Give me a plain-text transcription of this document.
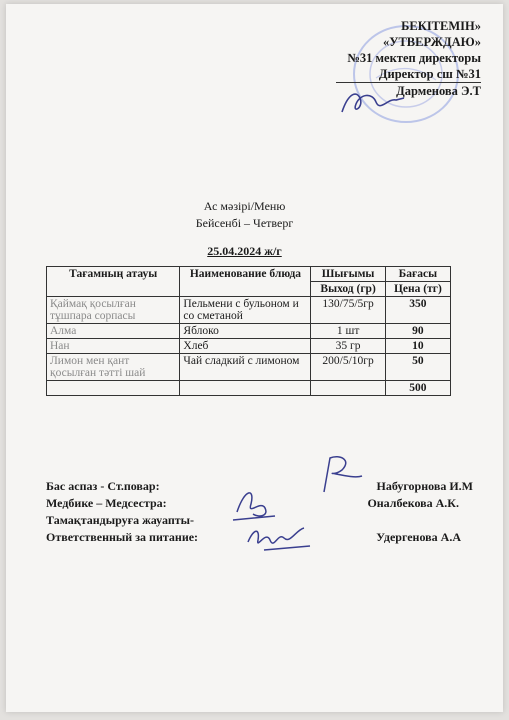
БЕКІТЕМІН»
«УТВЕРЖДАЮ»
№31 мектеп директоры
Директор сш №31
Дарменова Э.Т
Ас мәзірі/Меню
Бейсенбі – Четверг
25.04.2024 ж/г
Тағамның атауы	Наименование блюда	Шығымы	Бағасы
		Выход (гр)	Цена (тг)
Қаймақ қосылған тұшпара сорпасы	Пельмени с бульоном и со сметаной	130/75/5гр	350
Алма	Яблоко	1 шт	90
Нан	Хлеб	35 гр	10
Лимон мен қант қосылған тәтті шай	Чай сладкий с лимоном	200/5/10гр	50
			500
Бас аспаз - Ст.повар:	Набугорнова И.М
Медбике – Медсестра:	Оналбекова А.К.
Тамақтандыруға жауапты-
Ответственный за питание:	Удергенова А.А
